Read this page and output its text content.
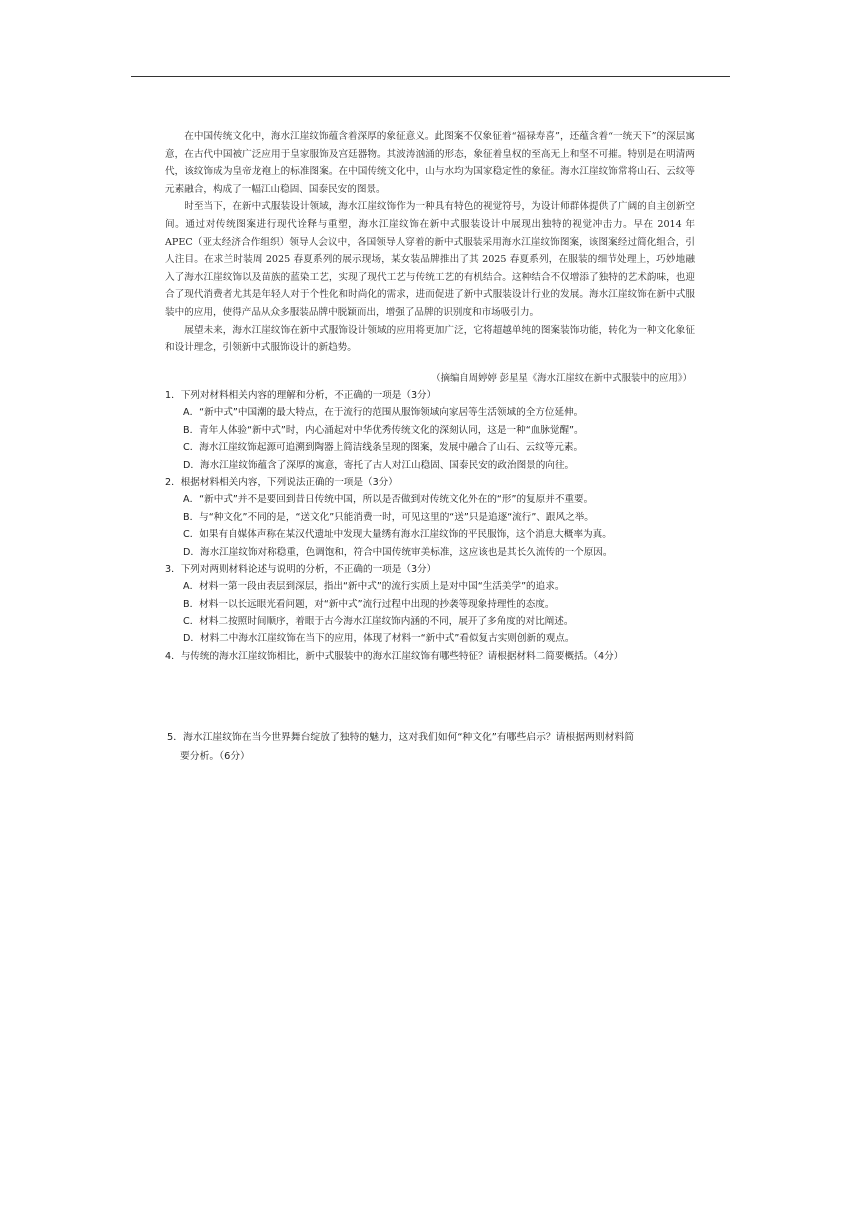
在中国传统文化中，海水江崖纹饰蕴含着深厚的象征意义。此图案不仅象征着“福禄寿喜”，还蕴含着“一统天下”的深层寓意，在古代中国被广泛应用于皇家服饰及宫廷器物。其波涛汹涌的形态，象征着皇权的至高无上和坚不可摧。特别是在明清两代，该纹饰成为皇帝龙袍上的标准图案。在中国传统文化中，山与水均为国家稳定性的象征。海水江崖纹饰常将山石、云纹等元素融合，构成了一幅江山稳固、国泰民安的图景。

时至当下，在新中式服装设计领域，海水江崖纹饰作为一种具有特色的视觉符号，为设计师群体提供了广阔的自主创新空间。通过对传统图案进行现代诠释与重塑，海水江崖纹饰在新中式服装设计中展现出独特的视觉冲击力。早在 2014 年 APEC（亚太经济合作组织）领导人会议中，各国领导人穿着的新中式服装采用海水江崖纹饰图案，该图案经过简化组合，引人注目。在求兰时装周 2025 春夏系列的展示现场，某女装品牌推出了其 2025 春夏系列，在服装的细节处理上，巧妙地融入了海水江崖纹饰以及苗族的蓝染工艺，实现了现代工艺与传统工艺的有机结合。这种结合不仅增添了独特的艺术韵味，也迎合了现代消费者尤其是年轻人对于个性化和时尚化的需求，进而促进了新中式服装设计行业的发展。海水江崖纹饰在新中式服装中的应用，使得产品从众多服装品牌中脱颖而出，增强了品牌的识别度和市场吸引力。

展望未来，海水江崖纹饰在新中式服饰设计领域的应用将更加广泛，它将超越单纯的图案装饰功能，转化为一种文化象征和设计理念，引领新中式服饰设计的新趋势。

（摘编自周婷婷 彭星星《海水江崖纹在新中式服装中的应用》）
1．下列对材料相关内容的理解和分析，不正确的一项是（3分）
A．“新中式”中国潮的最大特点，在于流行的范围从服饰领域向家居等生活领域的全方位延伸。
B．青年人体验“新中式”时，内心涌起对中华优秀传统文化的深刻认同，这是一种“血脉觉醒”。
C．海水江崖纹饰起源可追溯到陶器上简洁线条呈现的图案，发展中融合了山石、云纹等元素。
D．海水江崖纹饰蕴含了深厚的寓意，寄托了古人对江山稳固、国泰民安的政治图景的向往。
2．根据材料相关内容，下列说法正确的一项是（3分）
A．“新中式”并不是要回到昔日传统中国，所以是否做到对传统文化外在的“形”的复原并不重要。
B．与“种文化”不同的是，“送文化”只能消费一时，可见这里的“送”只是追逐“流行”、跟风之举。
C．如果有自媒体声称在某汉代遗址中发现大量绣有海水江崖纹饰的平民服饰，这个消息大概率为真。
D．海水江崖纹饰对称稳重，色调饱和，符合中国传统审美标准，这应该也是其长久流传的一个原因。
3．下列对两则材料论述与说明的分析，不正确的一项是（3分）
A．材料一第一段由表层到深层，指出“新中式”的流行实质上是对中国“生活美学”的追求。
B．材料一以长远眼光看问题，对“新中式”流行过程中出现的抄袭等现象持理性的态度。
C．材料二按照时间顺序，着眼于古今海水江崖纹饰内涵的不同，展开了多角度的对比阐述。
D．材料二中海水江崖纹饰在当下的应用，体现了材料一“新中式”看似复古实则创新的观点。
4．与传统的海水江崖纹饰相比，新中式服装中的海水江崖纹饰有哪些特征？请根据材料二简要概括。（4分）
5．海水江崖纹饰在当今世界舞台绽放了独特的魅力，这对我们如何“种文化”有哪些启示？请根据两则材料简
要分析。（6分）
